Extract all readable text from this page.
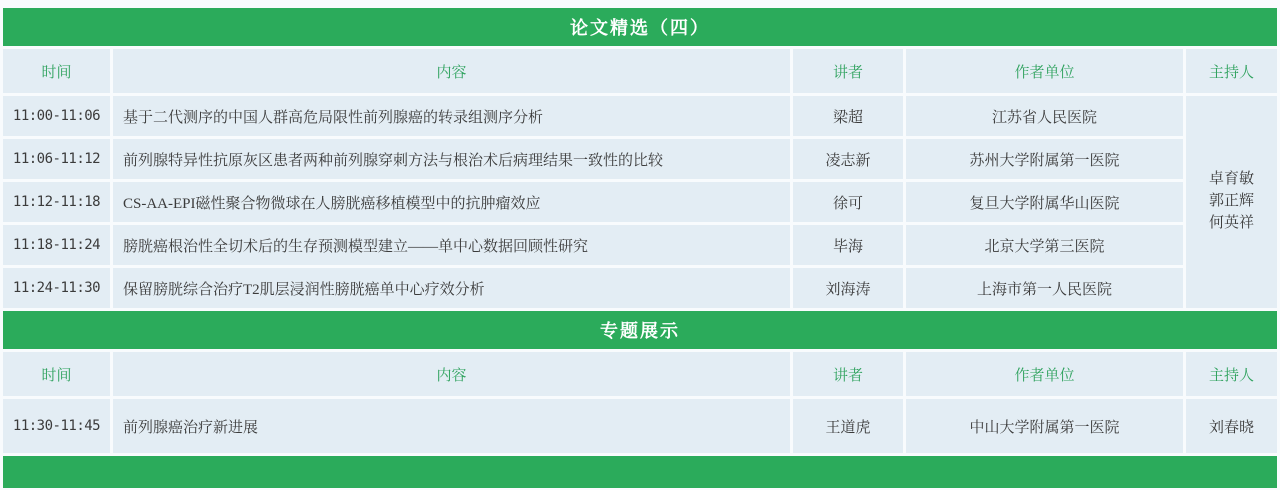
论文精选（四）
时间	内容	讲者	作者单位	主持人
11:00-11:06	基于二代测序的中国人群高危局限性前列腺癌的转录组测序分析	梁超	江苏省人民医院	卓育敏
郭正辉
何英祥

11:06-11:12	前列腺特异性抗原灰区患者两种前列腺穿刺方法与根治术后病理结果一致性的比较	凌志新	苏州大学附属第一医院	
11:12-11:18	CS-AA-EPI磁性聚合物微球在人膀胱癌移植模型中的抗肿瘤效应	徐可	复旦大学附属华山医院	
11:18-11:24	膀胱癌根治性全切术后的生存预测模型建立——单中心数据回顾性研究	毕海	北京大学第三医院	
11:24-11:30	保留膀胱综合治疗T2肌层浸润性膀胱癌单中心疗效分析	刘海涛	上海市第一人民医院	
专题展示
时间	内容	讲者	作者单位	主持人
11:30-11:45	前列腺癌治疗新进展	王道虎	中山大学附属第一医院	刘春晓
